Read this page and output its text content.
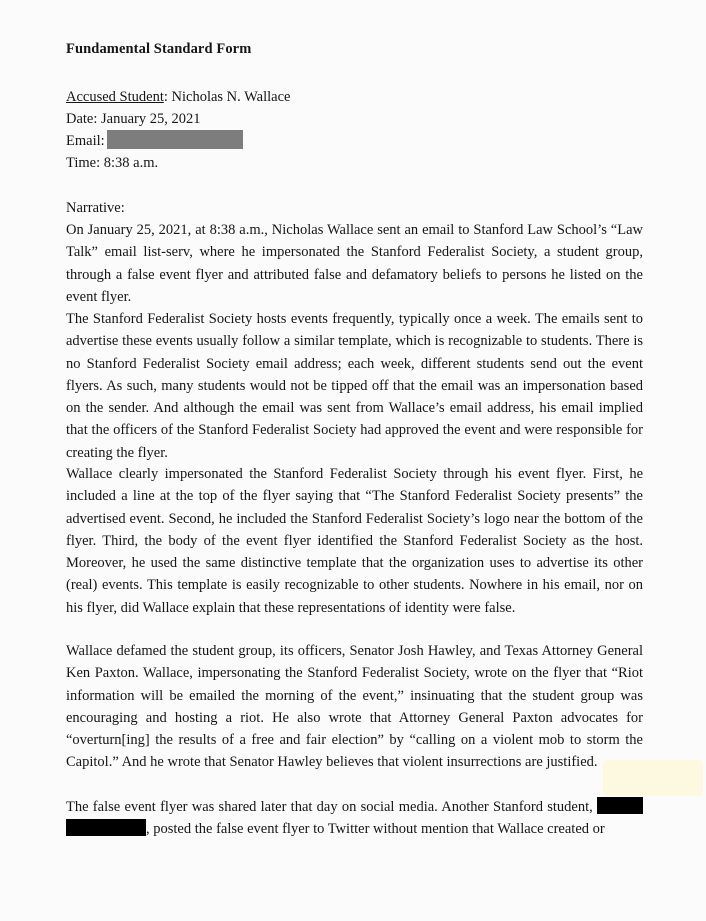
Fundamental Standard Form
Accused Student: Nicholas N. Wallace
Date: January 25, 2021
Email:
Time: 8:38 a.m.
Narrative:

On January 25, 2021, at 8:38 a.m., Nicholas Wallace sent an email to Stanford Law School’s “Law Talk” email list-serv, where he impersonated the Stanford Federalist Society, a student group, through a false event flyer and attributed false and defamatory beliefs to persons he listed on the event flyer.

The Stanford Federalist Society hosts events frequently, typically once a week. The emails sent to advertise these events usually follow a similar template, which is recognizable to students. There is no Stanford Federalist Society email address; each week, different students send out the event flyers. As such, many students would not be tipped off that the email was an impersonation based on the sender. And although the email was sent from Wallace’s email address, his email implied that the officers of the Stanford Federalist Society had approved the event and were responsible for creating the flyer.

Wallace clearly impersonated the Stanford Federalist Society through his event flyer. First, he included a line at the top of the flyer saying that “The Stanford Federalist Society presents” the advertised event. Second, he included the Stanford Federalist Society’s logo near the bottom of the flyer. Third, the body of the event flyer identified the Stanford Federalist Society as the host. Moreover, he used the same distinctive template that the organization uses to advertise its other (real) events. This template is easily recognizable to other students. Nowhere in his email, nor on his flyer, did Wallace explain that these representations of identity were false.

Wallace defamed the student group, its officers, Senator Josh Hawley, and Texas Attorney General Ken Paxton. Wallace, impersonating the Stanford Federalist Society, wrote on the flyer that “Riot information will be emailed the morning of the event,” insinuating that the student group was encouraging and hosting a riot. He also wrote that Attorney General Paxton advocates for “overturn[ing] the results of a free and fair election” by “calling on a violent mob to storm the Capitol.” And he wrote that Senator Hawley believes that violent insurrections are justified.

The false event flyer was shared later that day on social media. Another Stanford student,  , posted the false event flyer to Twitter without mention that Wallace created or
